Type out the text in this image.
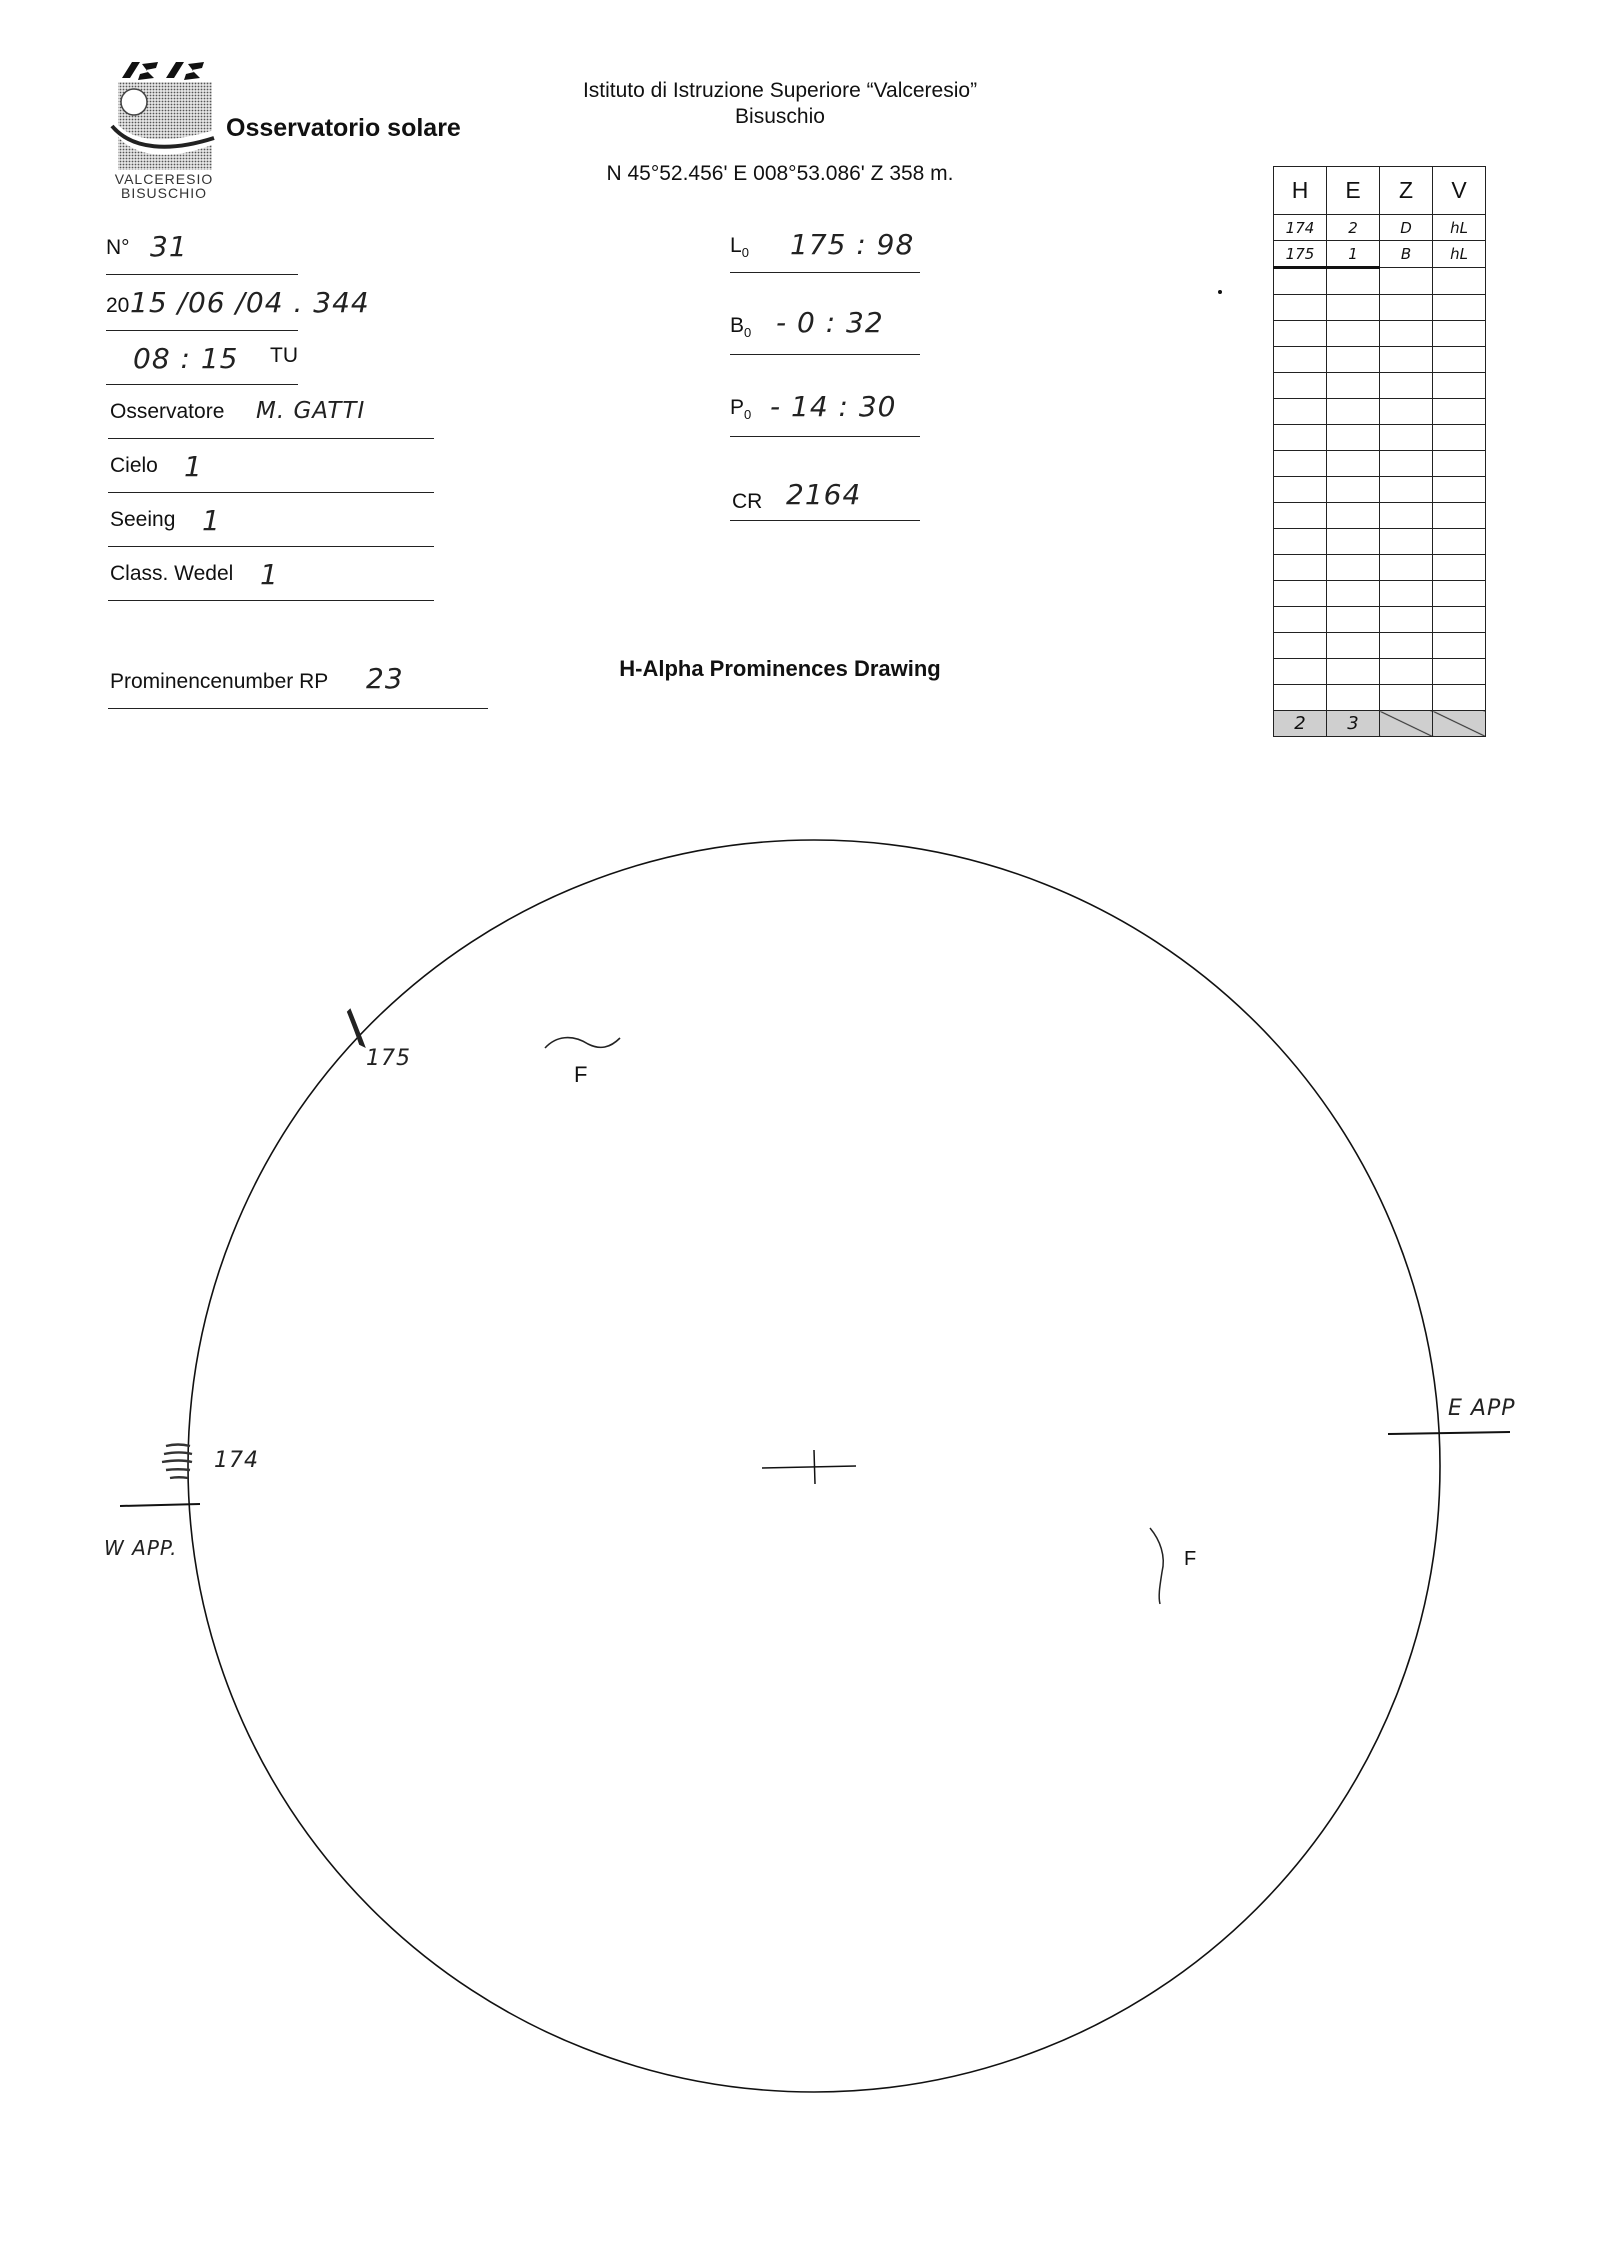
VALCERESIO
BISUSCHIO
Osservatorio solare
Istituto di Istruzione Superiore “Valceresio”
Bisuschio
N 45°52.456' E 008°53.086' Z 358 m.
N° 31
20 15 /06 /04 . 344
08 : 15 TU
Osservatore M. GATTI
Cielo 1
Seeing 1
Class. Wedel 1
Prominencenumber RP 23
$L_0$ 175 : 98
$B_0 - 0$ : 32
$P_0 - 14$ : 30
CR 2164
H-Alpha Prominences Drawing
H	E	Z	V
174	2	D	hL
175	1	B	hL

2	3		
175
174
F
F
E APP
W APP.
